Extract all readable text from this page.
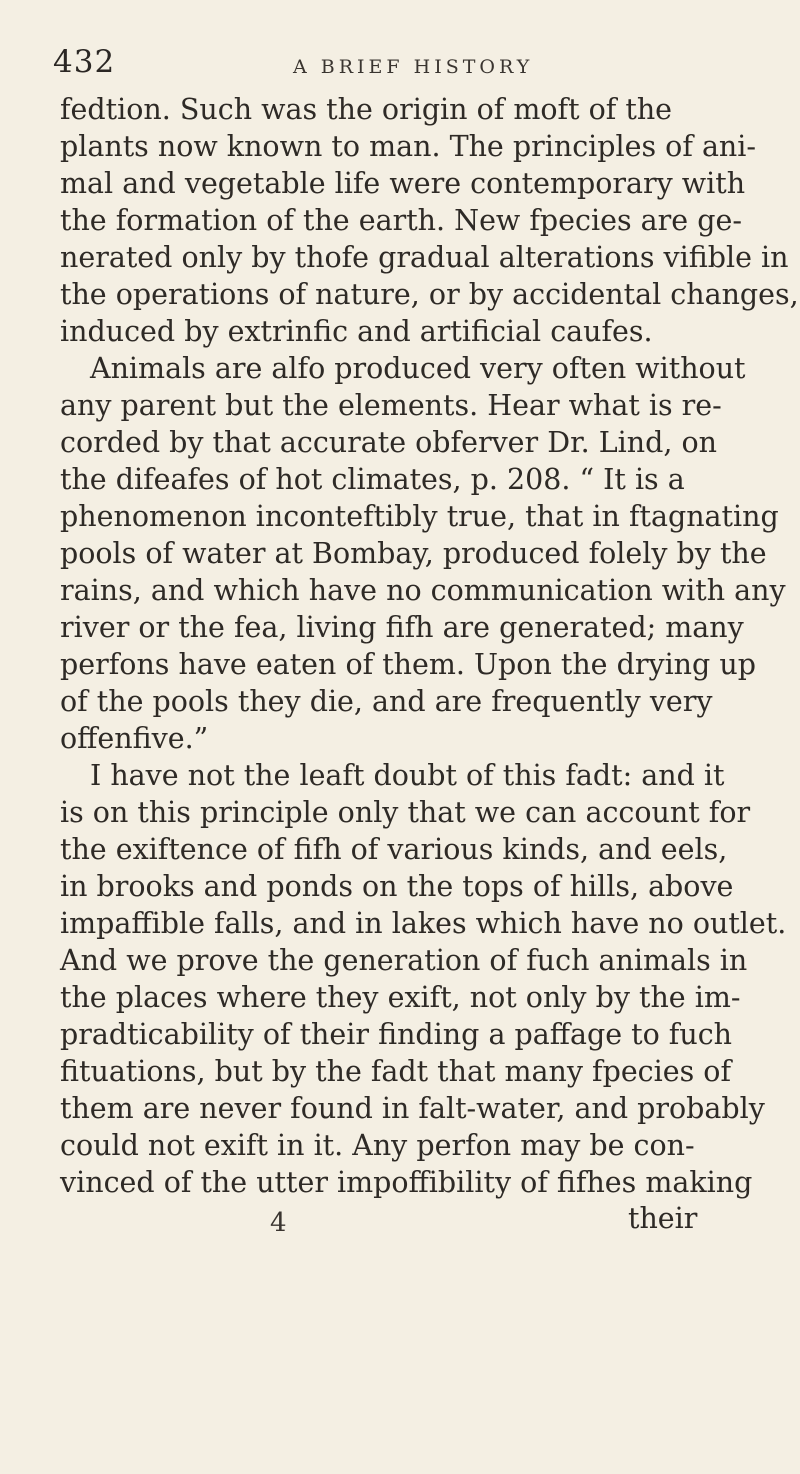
432	A BRIEF HISTORY
fedtion. Such was the origin of moft of the
plants now known to man. The principles of ani-
mal and vegetable life were contemporary with
the formation of the earth. New fpecies are ge-
nerated only by thofe gradual alterations vifible in
the operations of nature, or by accidental changes,
induced by extrinfic and artificial caufes.
Animals are alfo produced very often without
any parent but the elements. Hear what is re-
corded by that accurate obferver Dr. Lind, on
the difeafes of hot climates, p. 208. “ It is a
phenomenon inconteftibly true, that in ftagnating
pools of water at Bombay, produced folely by the
rains, and which have no communication with any
river or the fea, living fifh are generated; many
perfons have eaten of them. Upon the drying up
of the pools they die, and are frequently very
offenfive.”
I have not the leaft doubt of this fadt: and it
is on this principle only that we can account for
the exiftence of fifh of various kinds, and eels,
in brooks and ponds on the tops of hills, above
impaffible falls, and in lakes which have no outlet.
And we prove the generation of fuch animals in
the places where they exift, not only by the im-
pradticability of their finding a paffage to fuch
fituations, but by the fadt that many fpecies of
them are never found in falt-water, and probably
could not exift in it. Any perfon may be con-
vinced of the utter impoffibility of fifhes making
4	their
